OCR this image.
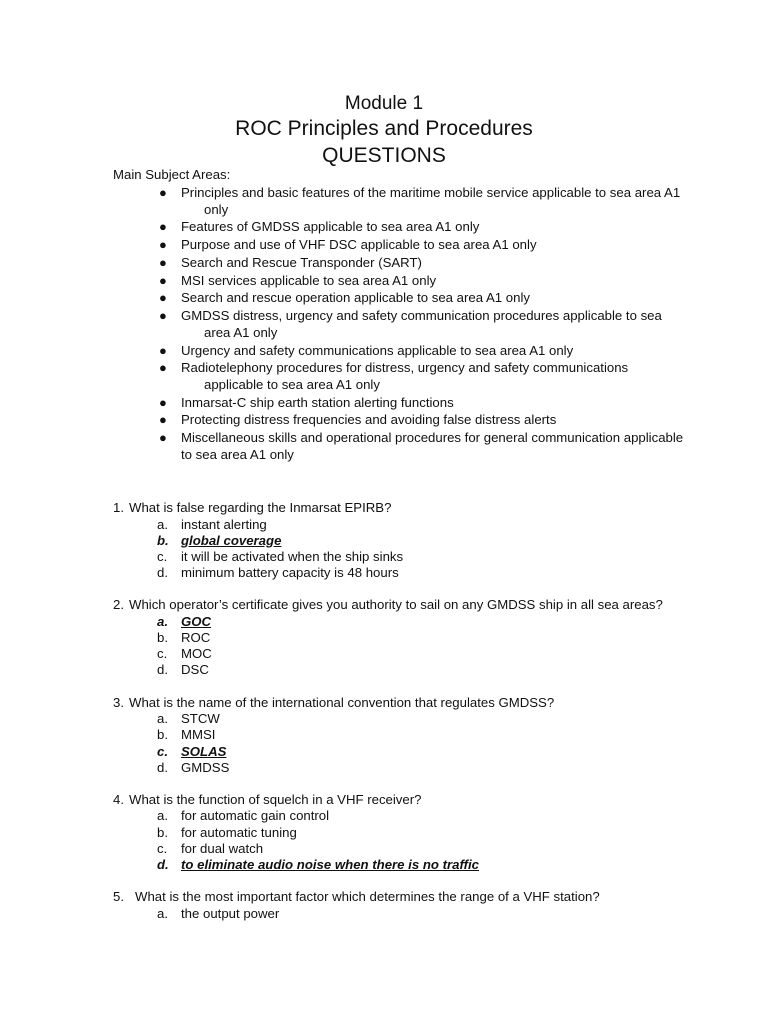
Module 1
ROC Principles and Procedures
QUESTIONS
Main Subject Areas:
● Principles and basic features of the maritime mobile service applicable to sea area A1
only
● Features of GMDSS applicable to sea area A1 only
● Purpose and use of VHF DSC applicable to sea area A1 only
● Search and Rescue Transponder (SART)
● MSI services applicable to sea area A1 only
● Search and rescue operation applicable to sea area A1 only
● GMDSS distress, urgency and safety communication procedures applicable to sea
area A1 only
● Urgency and safety communications applicable to sea area A1 only
● Radiotelephony procedures for distress, urgency and safety communications
applicable to sea area A1 only
● Inmarsat-C ship earth station alerting functions
● Protecting distress frequencies and avoiding false distress alerts
● Miscellaneous skills and operational procedures for general communication applicable
to sea area A1 only
1. What is false regarding the Inmarsat EPIRB?
a. instant alerting
b. global coverage
c.	it will be activated when the ship sinks
d. minimum battery capacity is 48 hours
2. Which operator’s certificate gives you authority to sail on any GMDSS ship in all sea areas?
a. GOC
b. ROC
c.	MOC
d. DSC
3. What is the name of the international convention that regulates GMDSS?
a. STCW
b. MMSI
c. SOLAS
d. GMDSS
4. What is the function of squelch in a VHF receiver?
a. for automatic gain control
b. for automatic tuning
c.	for dual watch
d. to eliminate audio noise when there is no traffic
5. What is the most important factor which determines the range of a VHF station?
a. the output power
